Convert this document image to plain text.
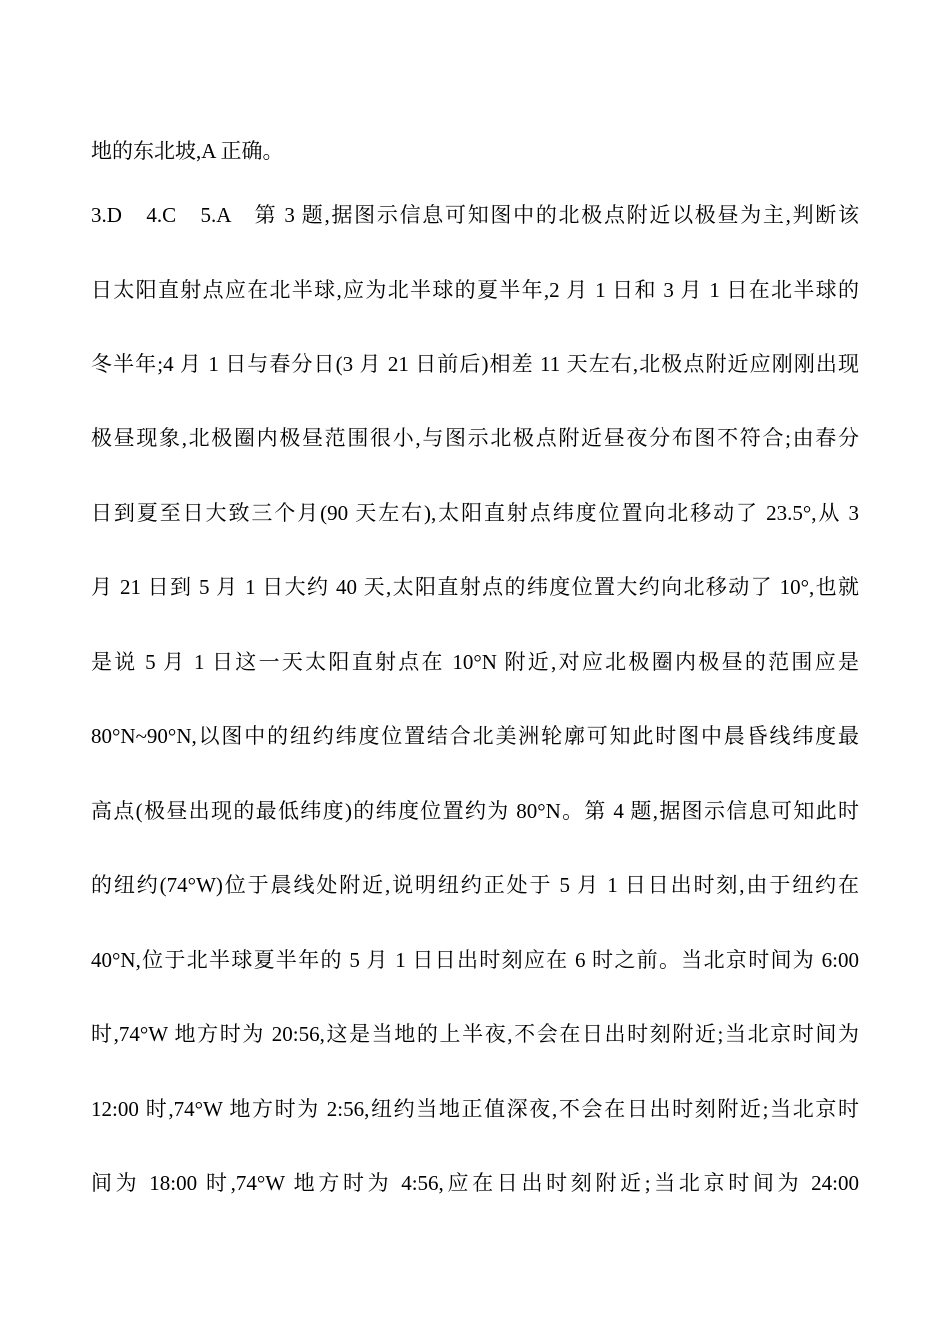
地的东北坡,A 正确。
3.D　4.C　5.A　第 3 题,据图示信息可知图中的北极点附近以极昼为主,判断该
日太阳直射点应在北半球,应为北半球的夏半年,2 月 1 日和 3 月 1 日在北半球的
冬半年;4 月 1 日与春分日(3 月 21 日前后)相差 11 天左右,北极点附近应刚刚出现
极昼现象,北极圈内极昼范围很小,与图示北极点附近昼夜分布图不符合;由春分
日到夏至日大致三个月(90 天左右),太阳直射点纬度位置向北移动了 23.5°,从 3
月 21 日到 5 月 1 日大约 40 天,太阳直射点的纬度位置大约向北移动了 10°,也就
是说 5 月 1 日这一天太阳直射点在 10°N 附近,对应北极圈内极昼的范围应是
80°N~90°N,以图中的纽约纬度位置结合北美洲轮廓可知此时图中晨昏线纬度最
高点(极昼出现的最低纬度)的纬度位置约为 80°N。第 4 题,据图示信息可知此时
的纽约(74°W)位于晨线处附近,说明纽约正处于 5 月 1 日日出时刻,由于纽约在
40°N,位于北半球夏半年的 5 月 1 日日出时刻应在 6 时之前。当北京时间为 6:00
时,74°W 地方时为 20:56,这是当地的上半夜,不会在日出时刻附近;当北京时间为
12:00 时,74°W 地方时为 2:56,纽约当地正值深夜,不会在日出时刻附近;当北京时
间为 18:00 时,74°W 地方时为 4:56,应在日出时刻附近;当北京时间为 24:00
